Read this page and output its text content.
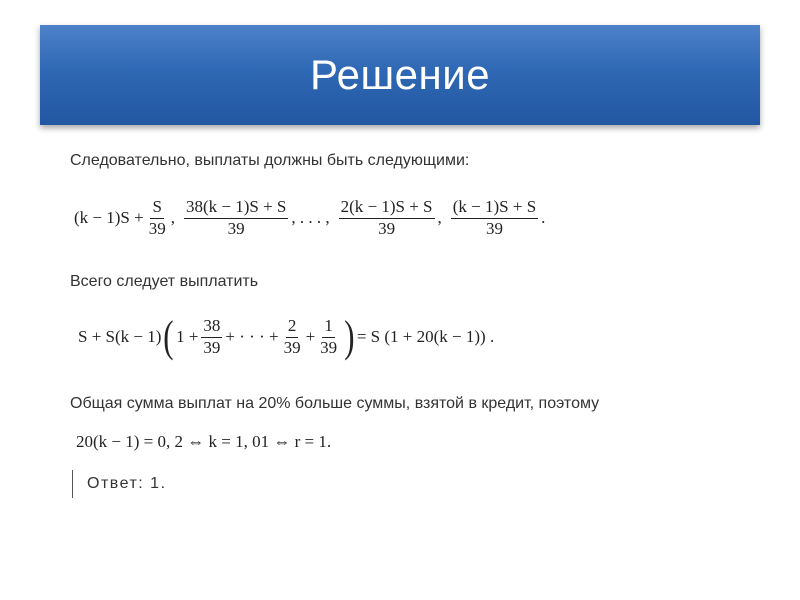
Решение
Следовательно, выплаты должны быть следующими:
$(k - 1)S + \frac{S}{39}$ , $\frac{38(k - 1)S + S}{39}$ , . . . , $\frac{2(k - 1)S + S}{39}$ , $\frac{(k - 1)S + S}{39}$ .
Всего следует выплатить
S + S(k − 1) ( $1 + \frac{38}{39}$ + · · · + $\frac{2}{39} + \frac{1}{39}$ ) = S (1 + 20(k − 1)) .
Общая сумма выплат на 20% больше суммы, взятой в кредит, поэтому
20(k − 1) = 0, 2 ⇔ k = 1, 01 ⇔ r = 1.
Ответ: 1.
